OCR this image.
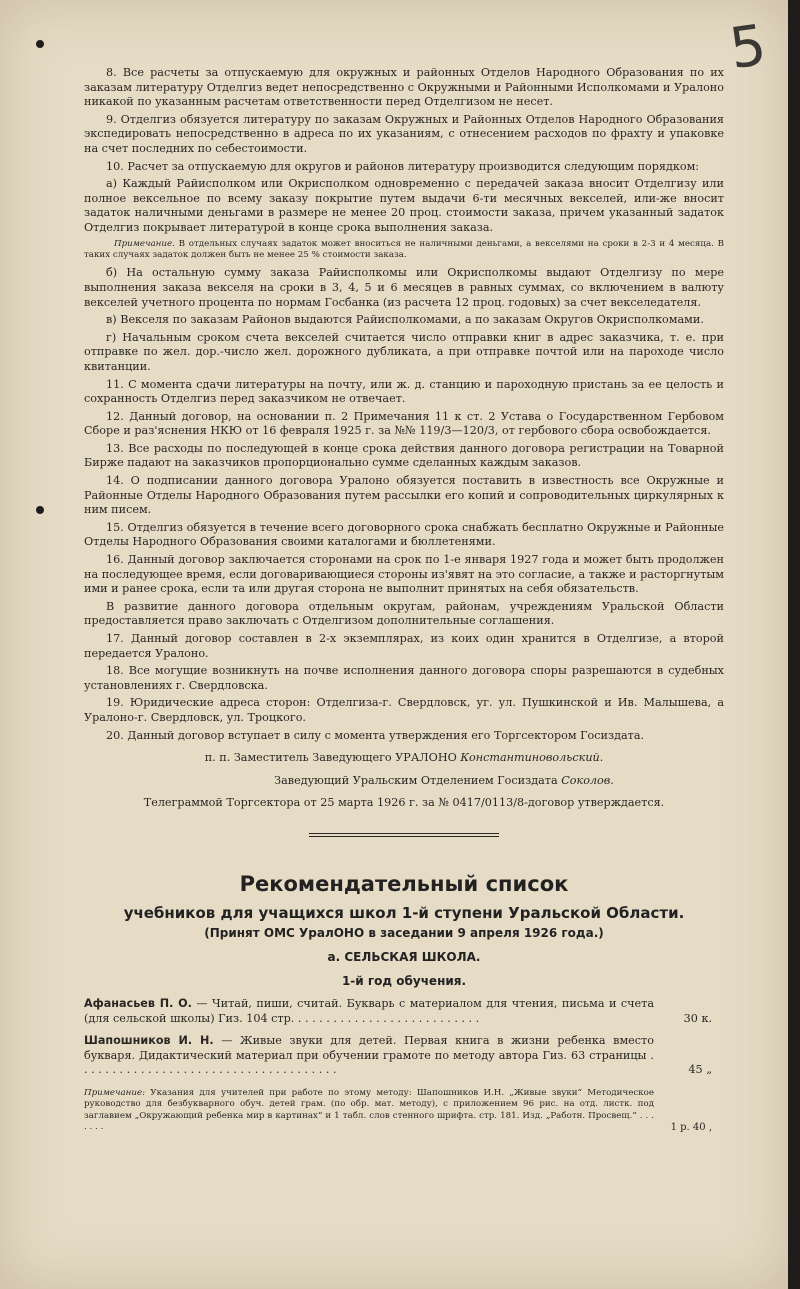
5

8. Все расчеты за отпускаемую для окружных и районных Отделов Народного Образования по их заказам литературу Отделгиз ведет непосредственно с Окружными и Районными Исполкомами и Уралоно никакой по указанным расчетам ответственности перед Отделгизом не несет.

9. Отделгиз обязуется литературу по заказам Окружных и Районных Отделов Народного Образования экспедировать непосредственно в адреса по их указаниям, с отнесением расходов по фрахту и упаковке на счет последних по себестоимости.

10. Расчет за отпускаемую для округов и районов литературу производится следующим порядком:

а) Каждый Райисполком или Окрисполком одновременно с передачей заказа вносит Отделгизу или полное вексельное по всему заказу покрытие путем выдачи 6-ти месячных векселей, или-же вносит задаток наличными деньгами в размере не менее 20 проц. стоимости заказа, причем указанный задаток Отделгиз покрывает литературой в конце срока выполнения заказа.

Примечание. В отдельных случаях задаток может вноситься не наличными деньгами, а векселями на сроки в 2-3 и 4 месяца. В таких случаях задаток должен быть не менее 25 % стоимости заказа.

б) На остальную сумму заказа Райисполкомы или Окрисполкомы выдают Отделгизу по мере выполнения заказа векселя на сроки в 3, 4, 5 и 6 месяцев в равных суммах, со включением в валюту векселей учетного процента по нормам Госбанка (из расчета 12 проц. годовых) за счет векселедателя.

в) Векселя по заказам Районов выдаются Райисполкомами, а по заказам Округов Окрисполкомами.

г) Начальным сроком счета векселей считается число отправки книг в адрес заказчика, т. е. при отправке по жел. дор.-число жел. дорожного дубликата, а при отправке почтой или на пароходе число квитанции.

11. С момента сдачи литературы на почту, или ж. д. станцию и пароходную пристань за ее целость и сохранность Отделгиз перед заказчиком не отвечает.

12. Данный договор, на основании п. 2 Примечания 11 к ст. 2 Устава о Государственном Гербовом Сборе и раз'яснения НКЮ от 16 февраля 1925 г. за №№ 119/3—120/3, от гербового сбора освобождается.

13. Все расходы по последующей в конце срока действия данного договора регистрации на Товарной Бирже падают на заказчиков пропорционально сумме сделанных каждым заказов.

14. О подписании данного договора Уралоно обязуется поставить в известность все Окружные и Районные Отделы Народного Образования путем рассылки его копий и сопроводительных циркулярных к ним писем.

15. Отделгиз обязуется в течение всего договорного срока снабжать бесплатно Окружные и Районные Отделы Народного Образования своими каталогами и бюллетенями.

16. Данный договор заключается сторонами на срок по 1-е января 1927 года и может быть продолжен на последующее время, если договаривающиеся стороны из'явят на это согласие, а также и расторгнутым ими и ранее срока, если та или другая сторона не выполнит принятых на себя обязательств.

В развитие данного договора отдельным округам, районам, учреждениям Уральской Области предоставляется право заключать с Отделгизом дополнительные соглашения.

17. Данный договор составлен в 2-х экземплярах, из коих один хранится в Отделгизе, а второй передается Уралоно.

18. Все могущие возникнуть на почве исполнения данного договора споры разрешаются в судебных установлениях г. Свердловска.

19. Юридические адреса сторон: Отделгиза-г. Свердловск, уг. ул. Пушкинской и Ив. Малышева, а Уралоно-г. Свердловск, ул. Троцкого.

20. Данный договор вступает в силу с момента утверждения его Торгсектором Госиздата.

п. п. Заместитель Заведующего УРАЛОНО Константиновольский.
Заведующий Уральским Отделением Госиздата Соколов.
Телеграммой Торгсектора от 25 марта 1926 г. за № 0417/0113/8-договор утверждается.
Рекомендательный список
учебников для учащихся школ 1-й ступени Уральской Области.
(Принят ОМС УралОНО в заседании 9 апреля 1926 года.)
а. СЕЛЬСКАЯ ШКОЛА.
1-й год обучения.
Афанасьев П. О. — Читай, пиши, считай. Букварь с материалом для чтения, письма и счета (для сельской школы) Гиз. 104 стр. . . . . . . . . . . . . . . . . . . . . . . . . . .	30 к.
Шапошников И. Н. — Живые звуки для детей. Первая книга в жизни ребенка вместо букваря. Дидактический материал при обучении грамоте по методу автора Гиз. 63 страницы . . . . . . . . . . . . . . . . . . . . . . . . . . . . . . . . . . . . .	45 „
Примечание: Указания для учителей при работе по этому методу: Шапошников И.Н. „Живые звуки“ Методическое руководство для безбукварного обуч. детей грам. (по обр. мат. методу), с приложением 96 рис. на отд. листк. под заглавием „Окружающий ребенка мир в картинах“ и 1 табл. слов стенного шрифта. стр. 181. Изд. „Работн. Просвещ.“ . . . . . . .	1 р. 40 ,
